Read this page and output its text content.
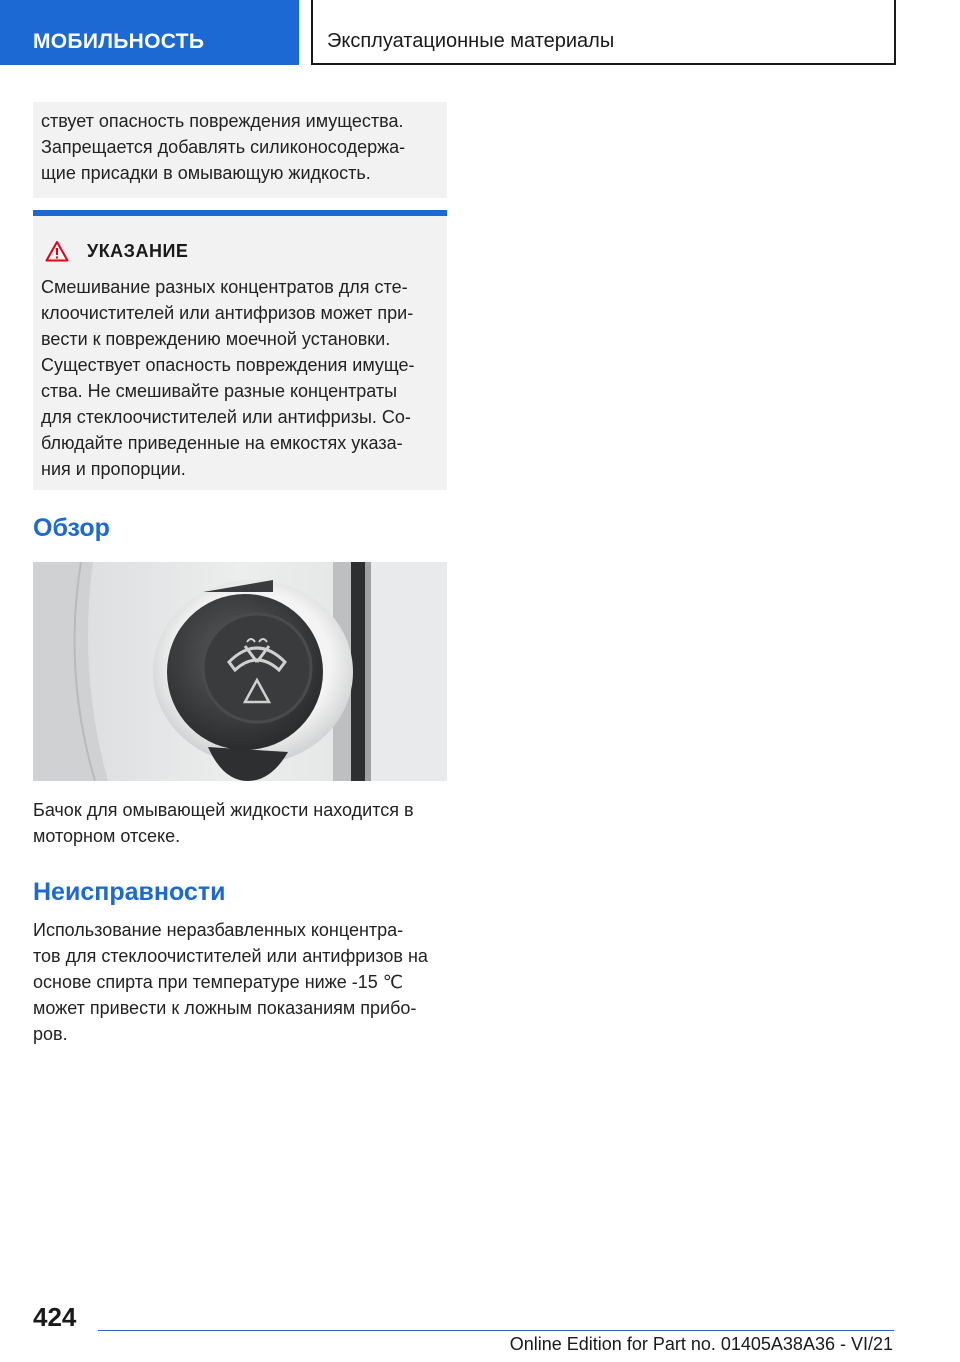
МОБИЛЬНОСТЬ	Эксплуатационные материалы

ствует опасность повреждения имущества.
Запрещается добавлять силиконосодержа-
щие присадки в омывающую жидкость.

УКАЗАНИЕ

Смешивание разных концентратов для сте-
клоочистителей или антифризов может при-
вести к повреждению моечной установки.
Существует опасность повреждения имуще-
ства. Не смешивайте разные концентраты
для стеклоочистителей или антифризы. Со-
блюдайте приведенные на емкостях указа-
ния и пропорции.

Обзор

Бачок для омывающей жидкости находится в
моторном отсеке.

Неисправности

Использование неразбавленных концентра-
тов для стеклоочистителей или антифризов на
основе спирта при температуре ниже -15 ℃
может привести к ложным показаниям прибо-
ров.

424
Online Edition for Part no. 01405A38A36 - VI/21
